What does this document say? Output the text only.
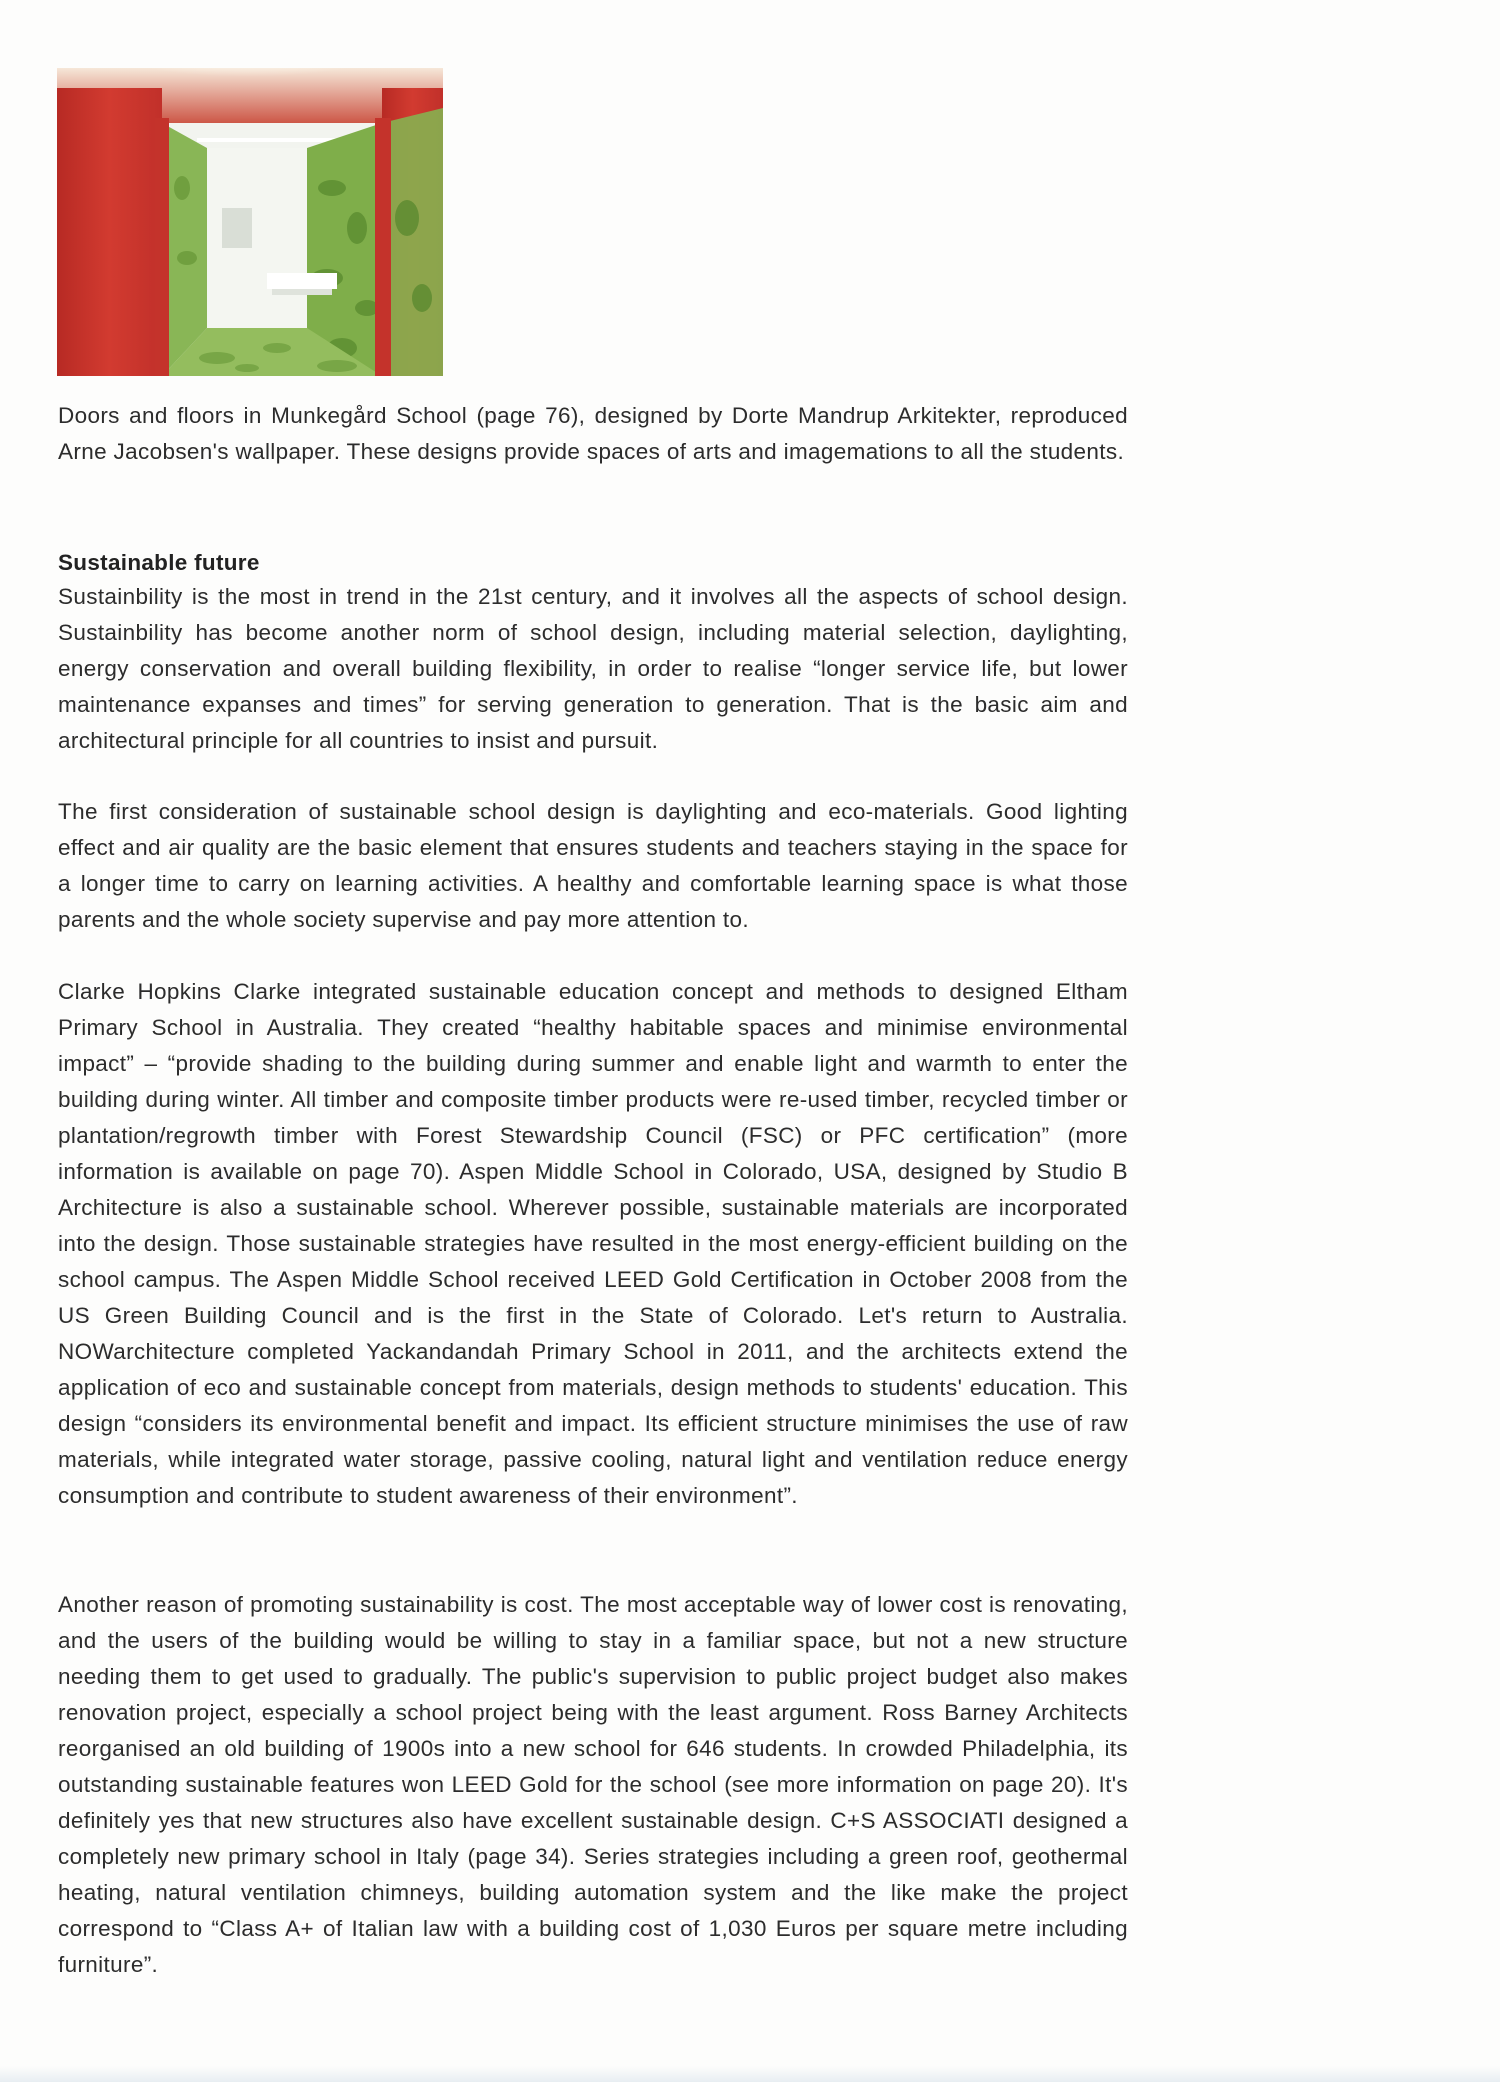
Doors and floors in Munkegård School (page 76), designed by Dorte Mandrup Arkitekter, reproduced Arne Jacobsen's wallpaper. These designs provide spaces of arts and imagemations to all the students.

Sustainable future

Sustainbility is the most in trend in the 21st century, and it involves all the aspects of school design. Sustainbility has become another norm of school design, including material selection, daylighting, energy conservation and overall building flexibility, in order to realise “longer service life, but lower maintenance expanses and times” for serving generation to generation. That is the basic aim and architectural principle for all countries to insist and pursuit.

The first consideration of sustainable school design is daylighting and eco-materials. Good lighting effect and air quality are the basic element that ensures students and teachers staying in the space for a longer time to carry on learning activities. A healthy and comfortable learning space is what those parents and the whole society supervise and pay more attention to.

Clarke Hopkins Clarke integrated sustainable education concept and methods to designed Eltham Primary School in Australia. They created “healthy habitable spaces and minimise environmental impact” – “provide shading to the building during summer and enable light and warmth to enter the building during winter. All timber and composite timber products were re-used timber, recycled timber or plantation/regrowth timber with Forest Stewardship Council (FSC) or PFC certification” (more information is available on page 70). Aspen Middle School in Colorado, USA, designed by Studio B Architecture is also a sustainable school. Wherever possible, sustainable materials are incorporated into the design. Those sustainable strategies have resulted in the most energy-efficient building on the school campus. The Aspen Middle School received LEED Gold Certification in October 2008 from the US Green Building Council and is the first in the State of Colorado. Let's return to Australia. NOWarchitecture completed Yackandandah Primary School in 2011, and the architects extend the application of eco and sustainable concept from materials, design methods to students' education. This design “considers its environmental benefit and impact. Its efficient structure minimises the use of raw materials, while integrated water storage, passive cooling, natural light and ventilation reduce energy consumption and contribute to student awareness of their environment”.

Another reason of promoting sustainability is cost. The most acceptable way of lower cost is renovating, and the users of the building would be willing to stay in a familiar space, but not a new structure needing them to get used to gradually. The public's supervision to public project budget also makes renovation project, especially a school project being with the least argument. Ross Barney Architects reorganised an old building of 1900s into a new school for 646 students. In crowded Philadelphia, its outstanding sustainable features won LEED Gold for the school (see more information on page 20). It's definitely yes that new structures also have excellent sustainable design. C+S ASSOCIATI designed a completely new primary school in Italy (page 34). Series strategies including a green roof, geothermal heating, natural ventilation chimneys, building automation system and the like make the project correspond to “Class A+ of Italian law with a building cost of 1,030 Euros per square metre including furniture”.
